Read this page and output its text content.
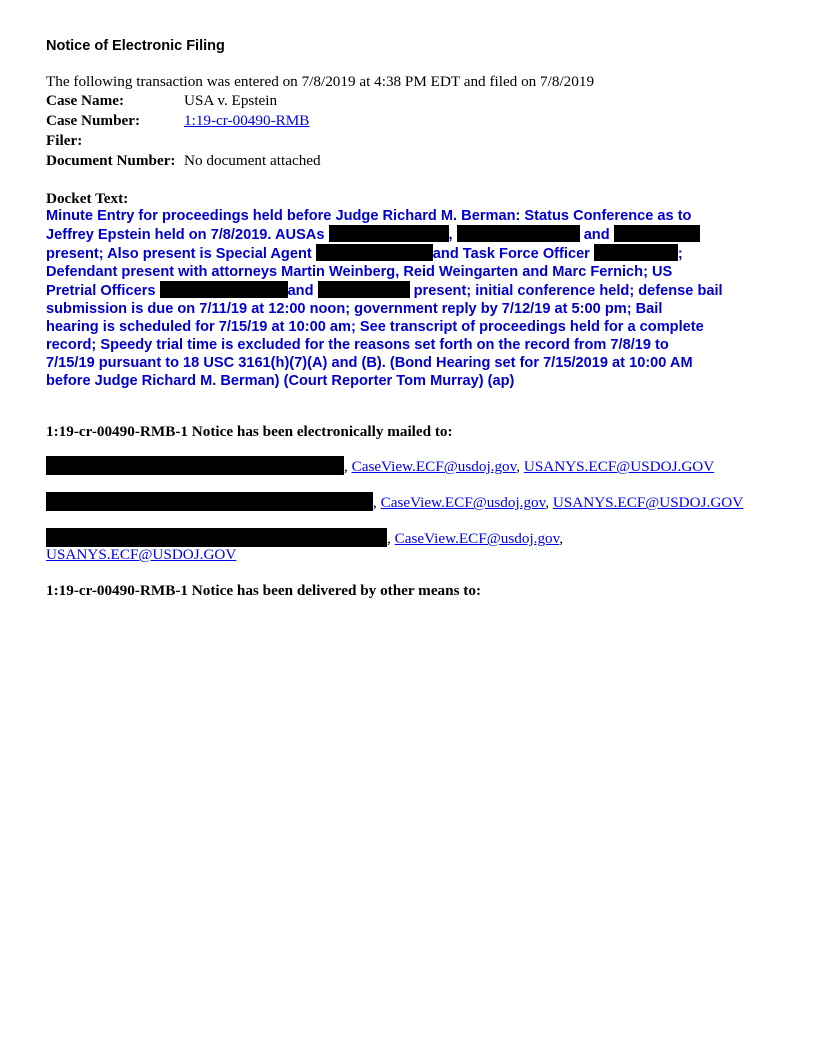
Notice of Electronic Filing
The following transaction was entered on 7/8/2019 at 4:38 PM EDT and filed on 7/8/2019
Case Name:	USA v. Epstein
Case Number:	1:19-cr-00490-RMB
Filer:
Document Number: No document attached
Docket Text:
Minute Entry for proceedings held before Judge Richard M. Berman: Status Conference as to
Jeffrey Epstein held on 7/8/2019. AUSAs	,	and
present; Also present is Special Agent	and Task Force Officer	;
Defendant present with attorneys Martin Weinberg, Reid Weingarten and Marc Fernich; US
Pretrial Officers	and	present; initial conference held; defense bail
submission is due on 7/11/19 at 12:00 noon; government reply by 7/12/19 at 5:00 pm; Bail
hearing is scheduled for 7/15/19 at 10:00 am; See transcript of proceedings held for a complete
record; Speedy trial time is excluded for the reasons set forth on the record from 7/8/19 to
7/15/19 pursuant to 18 USC 3161(h)(7)(A) and (B). (Bond Hearing set for 7/15/2019 at 10:00 AM
before Judge Richard M. Berman) (Court Reporter Tom Murray) (ap)
1:19-cr-00490-RMB-1 Notice has been electronically mailed to:
, CaseView.ECF@usdoj.gov, USANYS.ECF@USDOJ.GOV
, CaseView.ECF@usdoj.gov, USANYS.ECF@USDOJ.GOV
, CaseView.ECF@usdoj.gov,
USANYS.ECF@USDOJ.GOV
1:19-cr-00490-RMB-1 Notice has been delivered by other means to:
